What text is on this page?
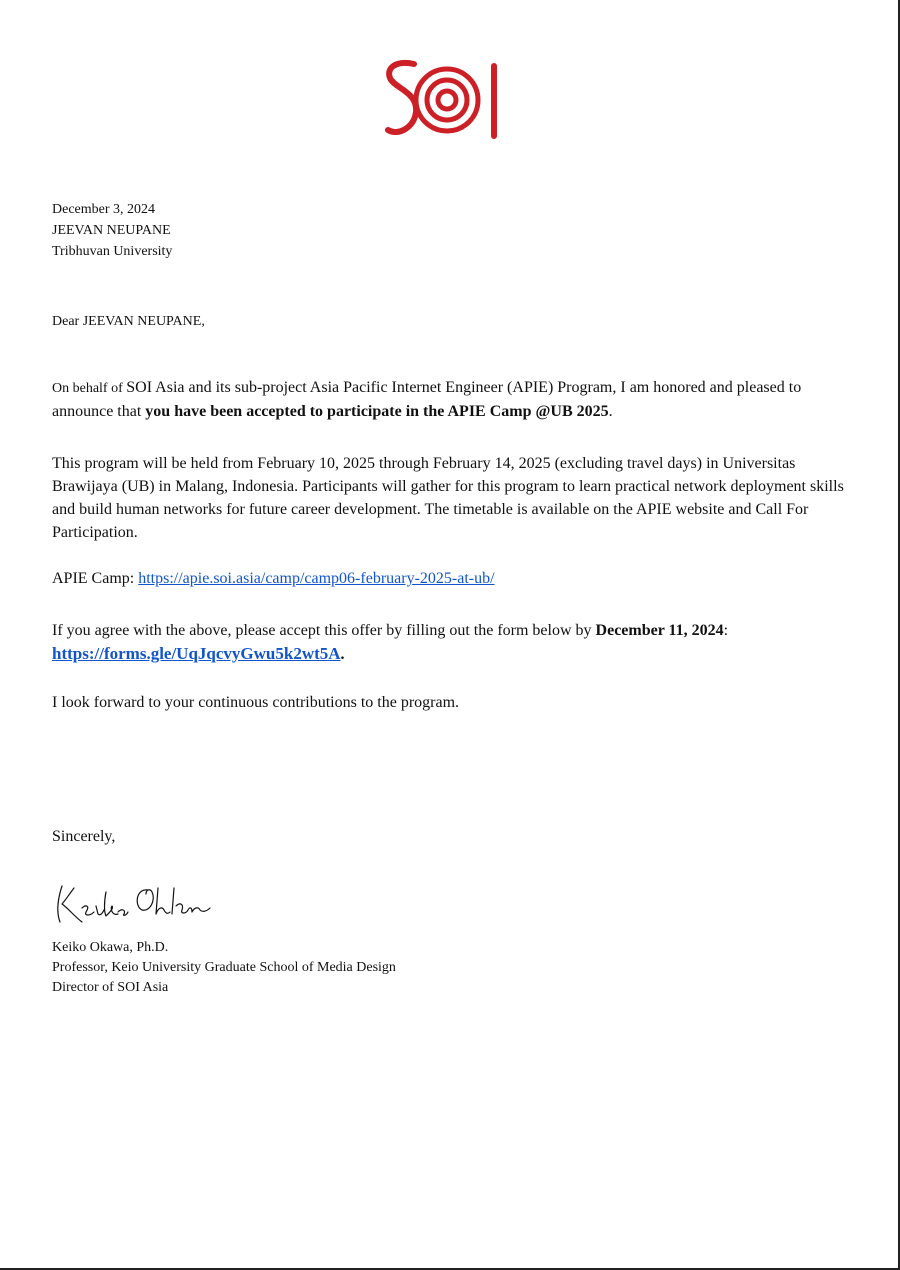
December 3, 2024
JEEVAN NEUPANE
Tribhuvan University
Dear JEEVAN NEUPANE,
On behalf of SOI Asia and its sub-project Asia Pacific Internet Engineer (APIE) Program, I am honored and pleased to announce that you have been accepted to participate in the APIE Camp @UB 2025.
This program will be held from February 10, 2025 through February 14, 2025 (excluding travel days) in Universitas Brawijaya (UB) in Malang, Indonesia. Participants will gather for this program to learn practical network deployment skills and build human networks for future career development. The timetable is available on the APIE website and Call For Participation.
APIE Camp: https://apie.soi.asia/camp/camp06-february-2025-at-ub/
If you agree with the above, please accept this offer by filling out the form below by December 11, 2024:
https://forms.gle/UqJqcvyGwu5k2wt5A.
I look forward to your continuous contributions to the program.
Sincerely,
Keiko Okawa, Ph.D.
Professor, Keio University Graduate School of Media Design
Director of SOI Asia
